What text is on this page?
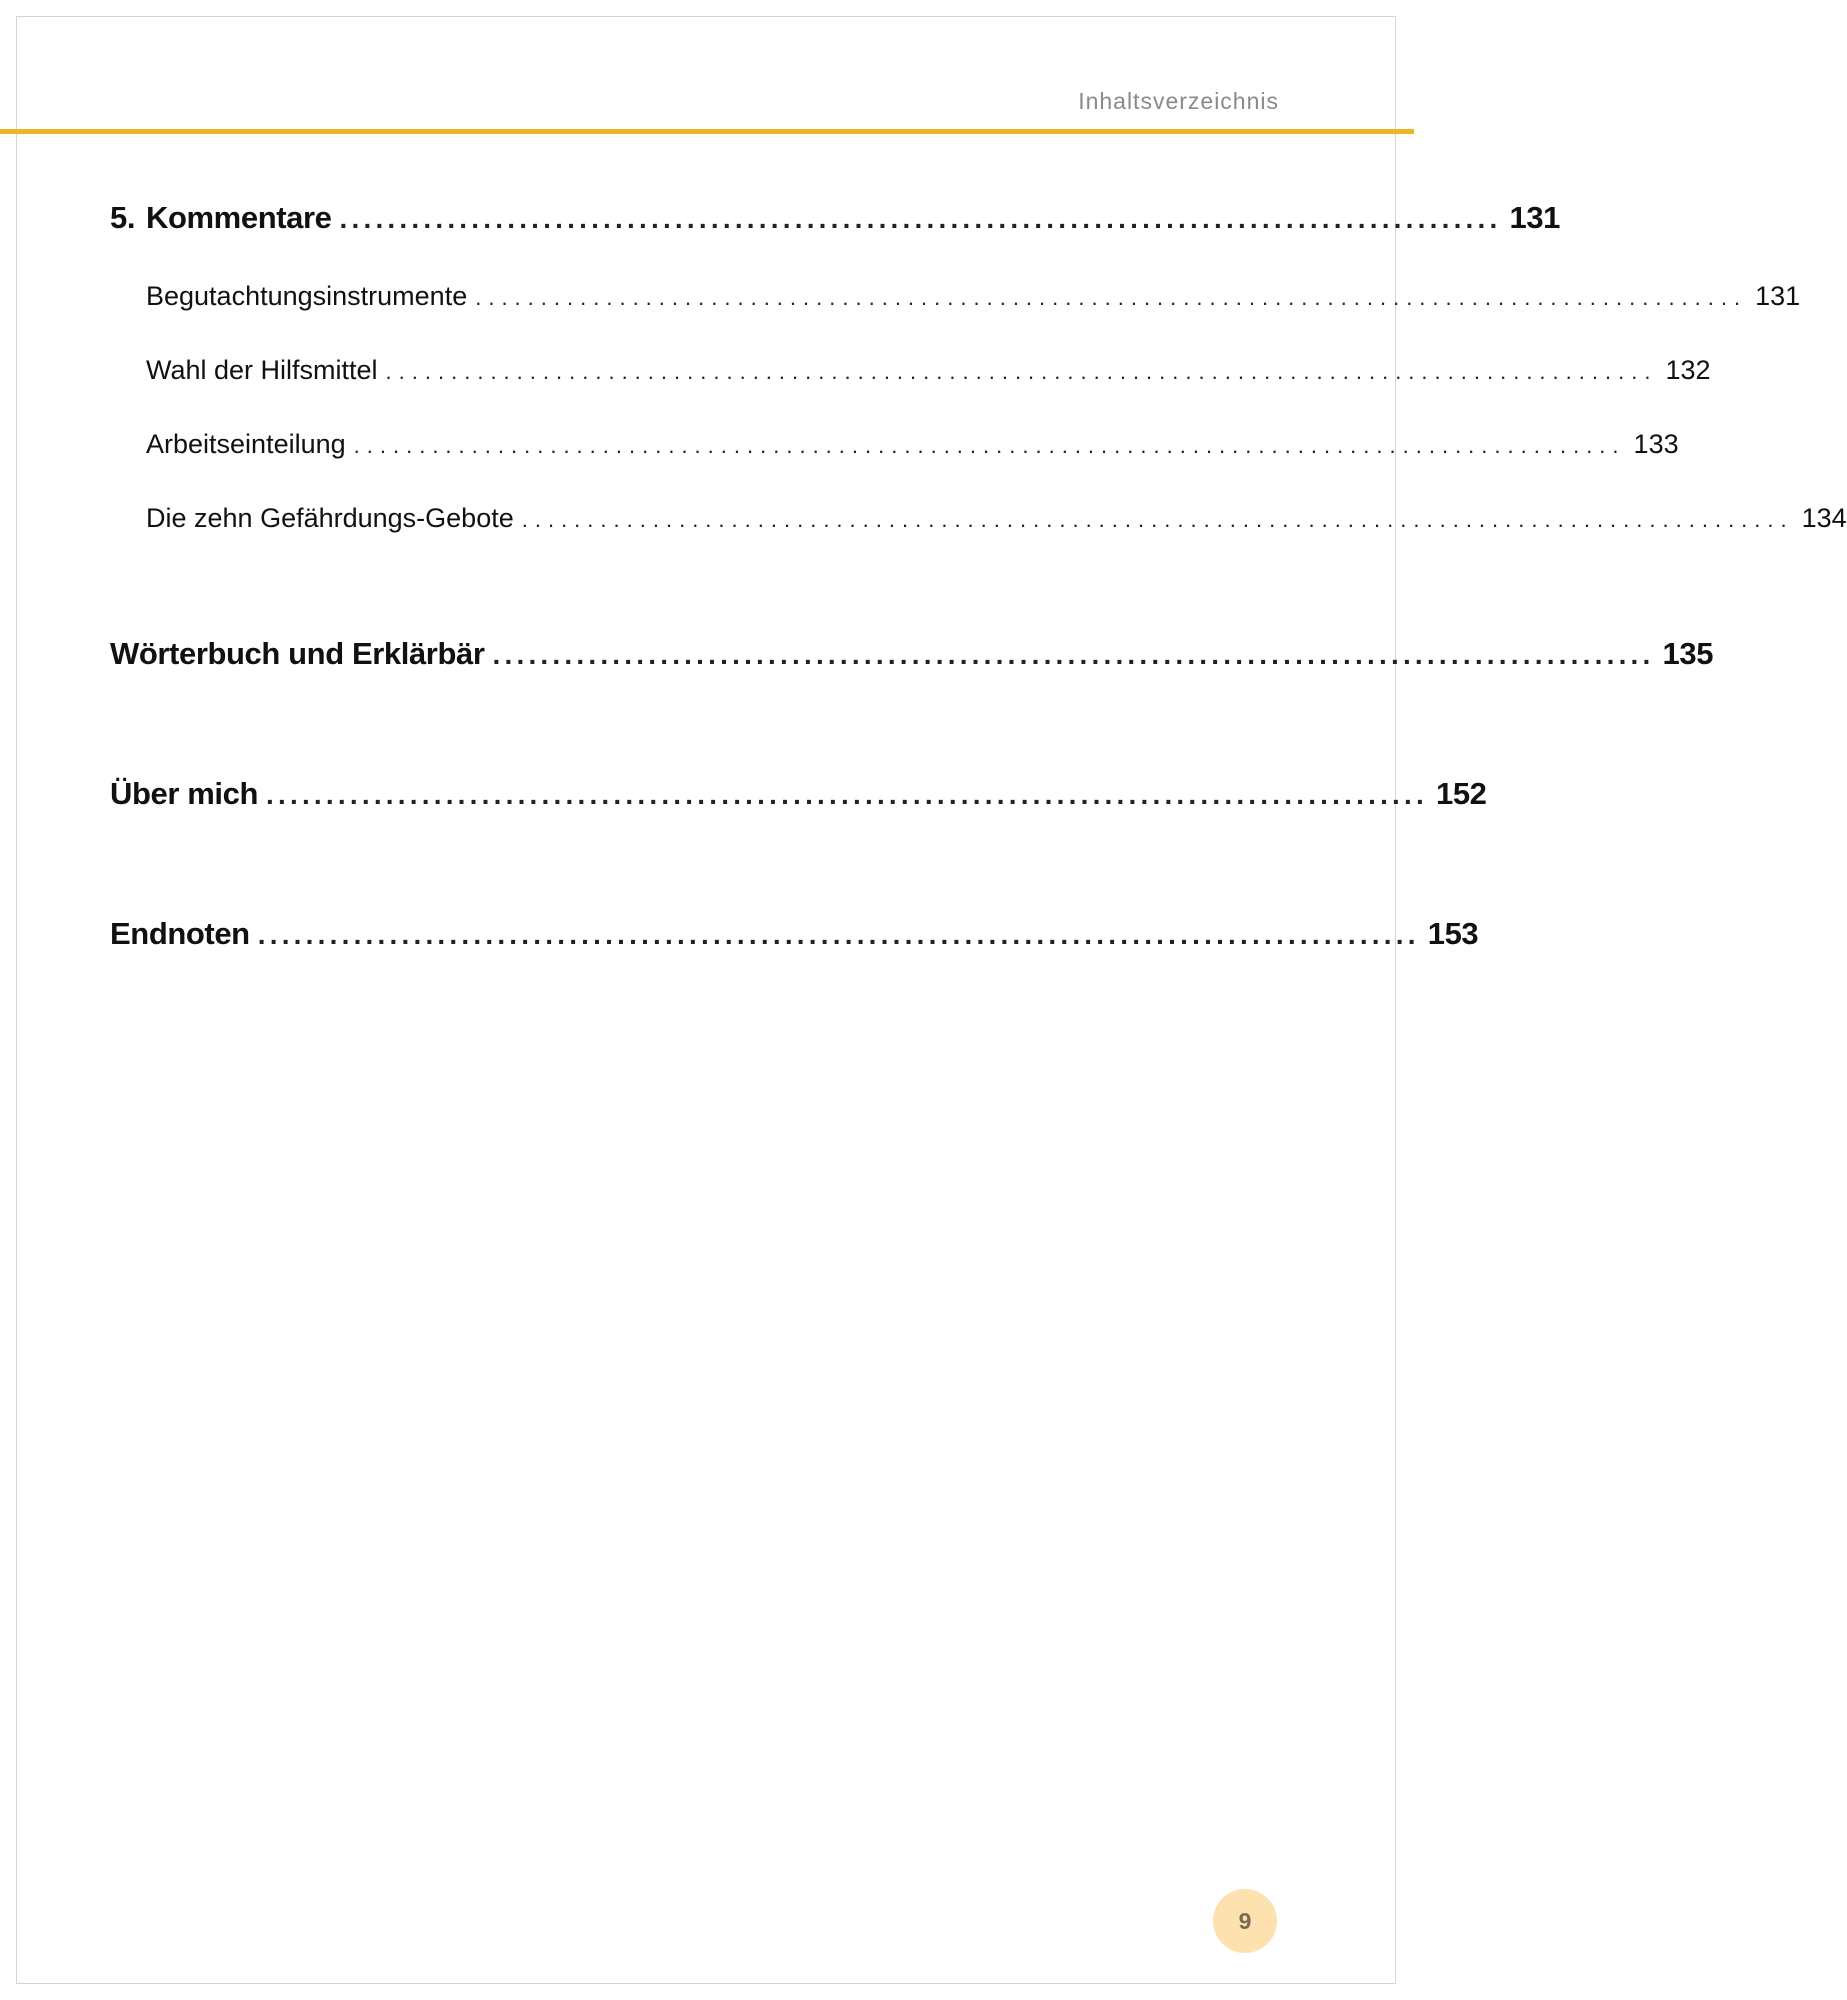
Inhaltsverzeichnis
5. Kommentare ................................................................................................. 131
Begutachtungsinstrumente ................................................................................................. 131
Wahl der Hilfsmittel ................................................................................................. 132
Arbeitseinteilung ................................................................................................. 133
Die zehn Gefährdungs-Gebote ................................................................................................. 134
Wörterbuch und Erklärbär ................................................................................................. 135
Über mich ................................................................................................. 152
Endnoten ................................................................................................. 153
9
